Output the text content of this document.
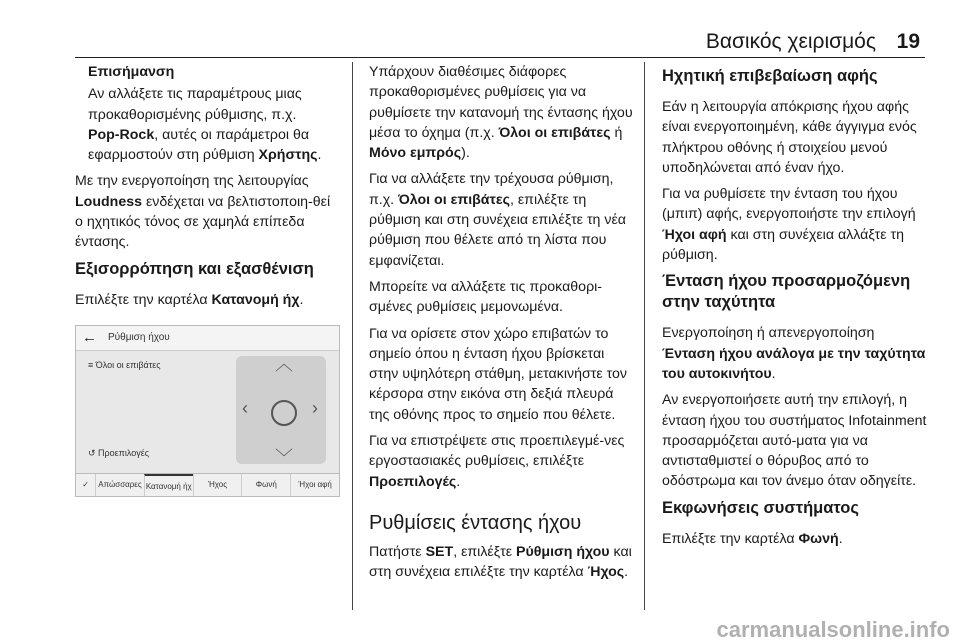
Βασικός χειρισμός 19

Επισήμανση

Αν αλλάξετε τις παραμέτρους μιας προκαθορισμένης ρύθμισης, π.χ.
Pop-Rock, αυτές οι παράμετροι θα εφαρμοστούν στη ρύθμιση Χρήστης.

Με την ενεργοποίηση της λειτουργίας Loudness ενδέχεται να βελτιστοποιη-θεί ο ηχητικός τόνος σε χαμηλά επίπεδα έντασης.

Εξισορρόπηση και εξασθένιση

Επιλέξτε την καρτέλα Κατανομή ήχ.

← Ρύθμιση ήχου
≡ Όλοι οι επιβάτες
↺ Προεπιλογές
︿
﹀
‹	›
✓	Απώσσαρες Κατανομή ήχ	Ήχος	Φωνή	Ήχοι αφή

Υπάρχουν διαθέσιμες διάφορες προκαθορισμένες ρυθμίσεις για να ρυθμίσετε την κατανομή της έντασης ήχου μέσα το όχημα (π.χ. Όλοι οι επιβάτες ή Μόνο εμπρός).

Για να αλλάξετε την τρέχουσα ρύθμιση, π.χ. Όλοι οι επιβάτες, επιλέξτε τη ρύθμιση και στη συνέχεια επιλέξτε τη νέα ρύθμιση που θέλετε από τη λίστα που εμφανίζεται.

Μπορείτε να αλλάξετε τις προκαθορι-σμένες ρυθμίσεις μεμονωμένα.

Για να ορίσετε στον χώρο επιβατών το σημείο όπου η ένταση ήχου βρίσκεται στην υψηλότερη στάθμη, μετακινήστε τον κέρσορα στην εικόνα στη δεξιά πλευρά της οθόνης προς το σημείο που θέλετε.

Για να επιστρέψετε στις προεπιλεγμέ-νες εργοστασιακές ρυθμίσεις, επιλέξτε Προεπιλογές.

Ρυθμίσεις έντασης ήχου

Πατήστε SET, επιλέξτε Ρύθμιση ήχου και στη συνέχεια επιλέξτε την καρτέλα Ήχος.

Ηχητική επιβεβαίωση αφής

Εάν η λειτουργία απόκρισης ήχου αφής είναι ενεργοποιημένη, κάθε άγγιγμα ενός πλήκτρου οθόνης ή στοιχείου μενού υποδηλώνεται από έναν ήχο.

Για να ρυθμίσετε την ένταση του ήχου (μπιπ) αφής, ενεργοποιήστε την επιλογή Ήχοι αφή και στη συνέχεια αλλάξτε τη ρύθμιση.

Ένταση ήχου προσαρμοζόμενη στην ταχύτητα

Ενεργοποίηση ή απενεργοποίηση Ένταση ήχου ανάλογα με την ταχύτητα του αυτοκινήτου.

Αν ενεργοποιήσετε αυτή την επιλογή, η ένταση ήχου του συστήματος Infotainment προσαρμόζεται αυτό-ματα για να αντισταθμιστεί ο θόρυβος από το οδόστρωμα και τον άνεμο όταν οδηγείτε.

Εκφωνήσεις συστήματος

Επιλέξτε την καρτέλα Φωνή.

carmanualsonline.info
